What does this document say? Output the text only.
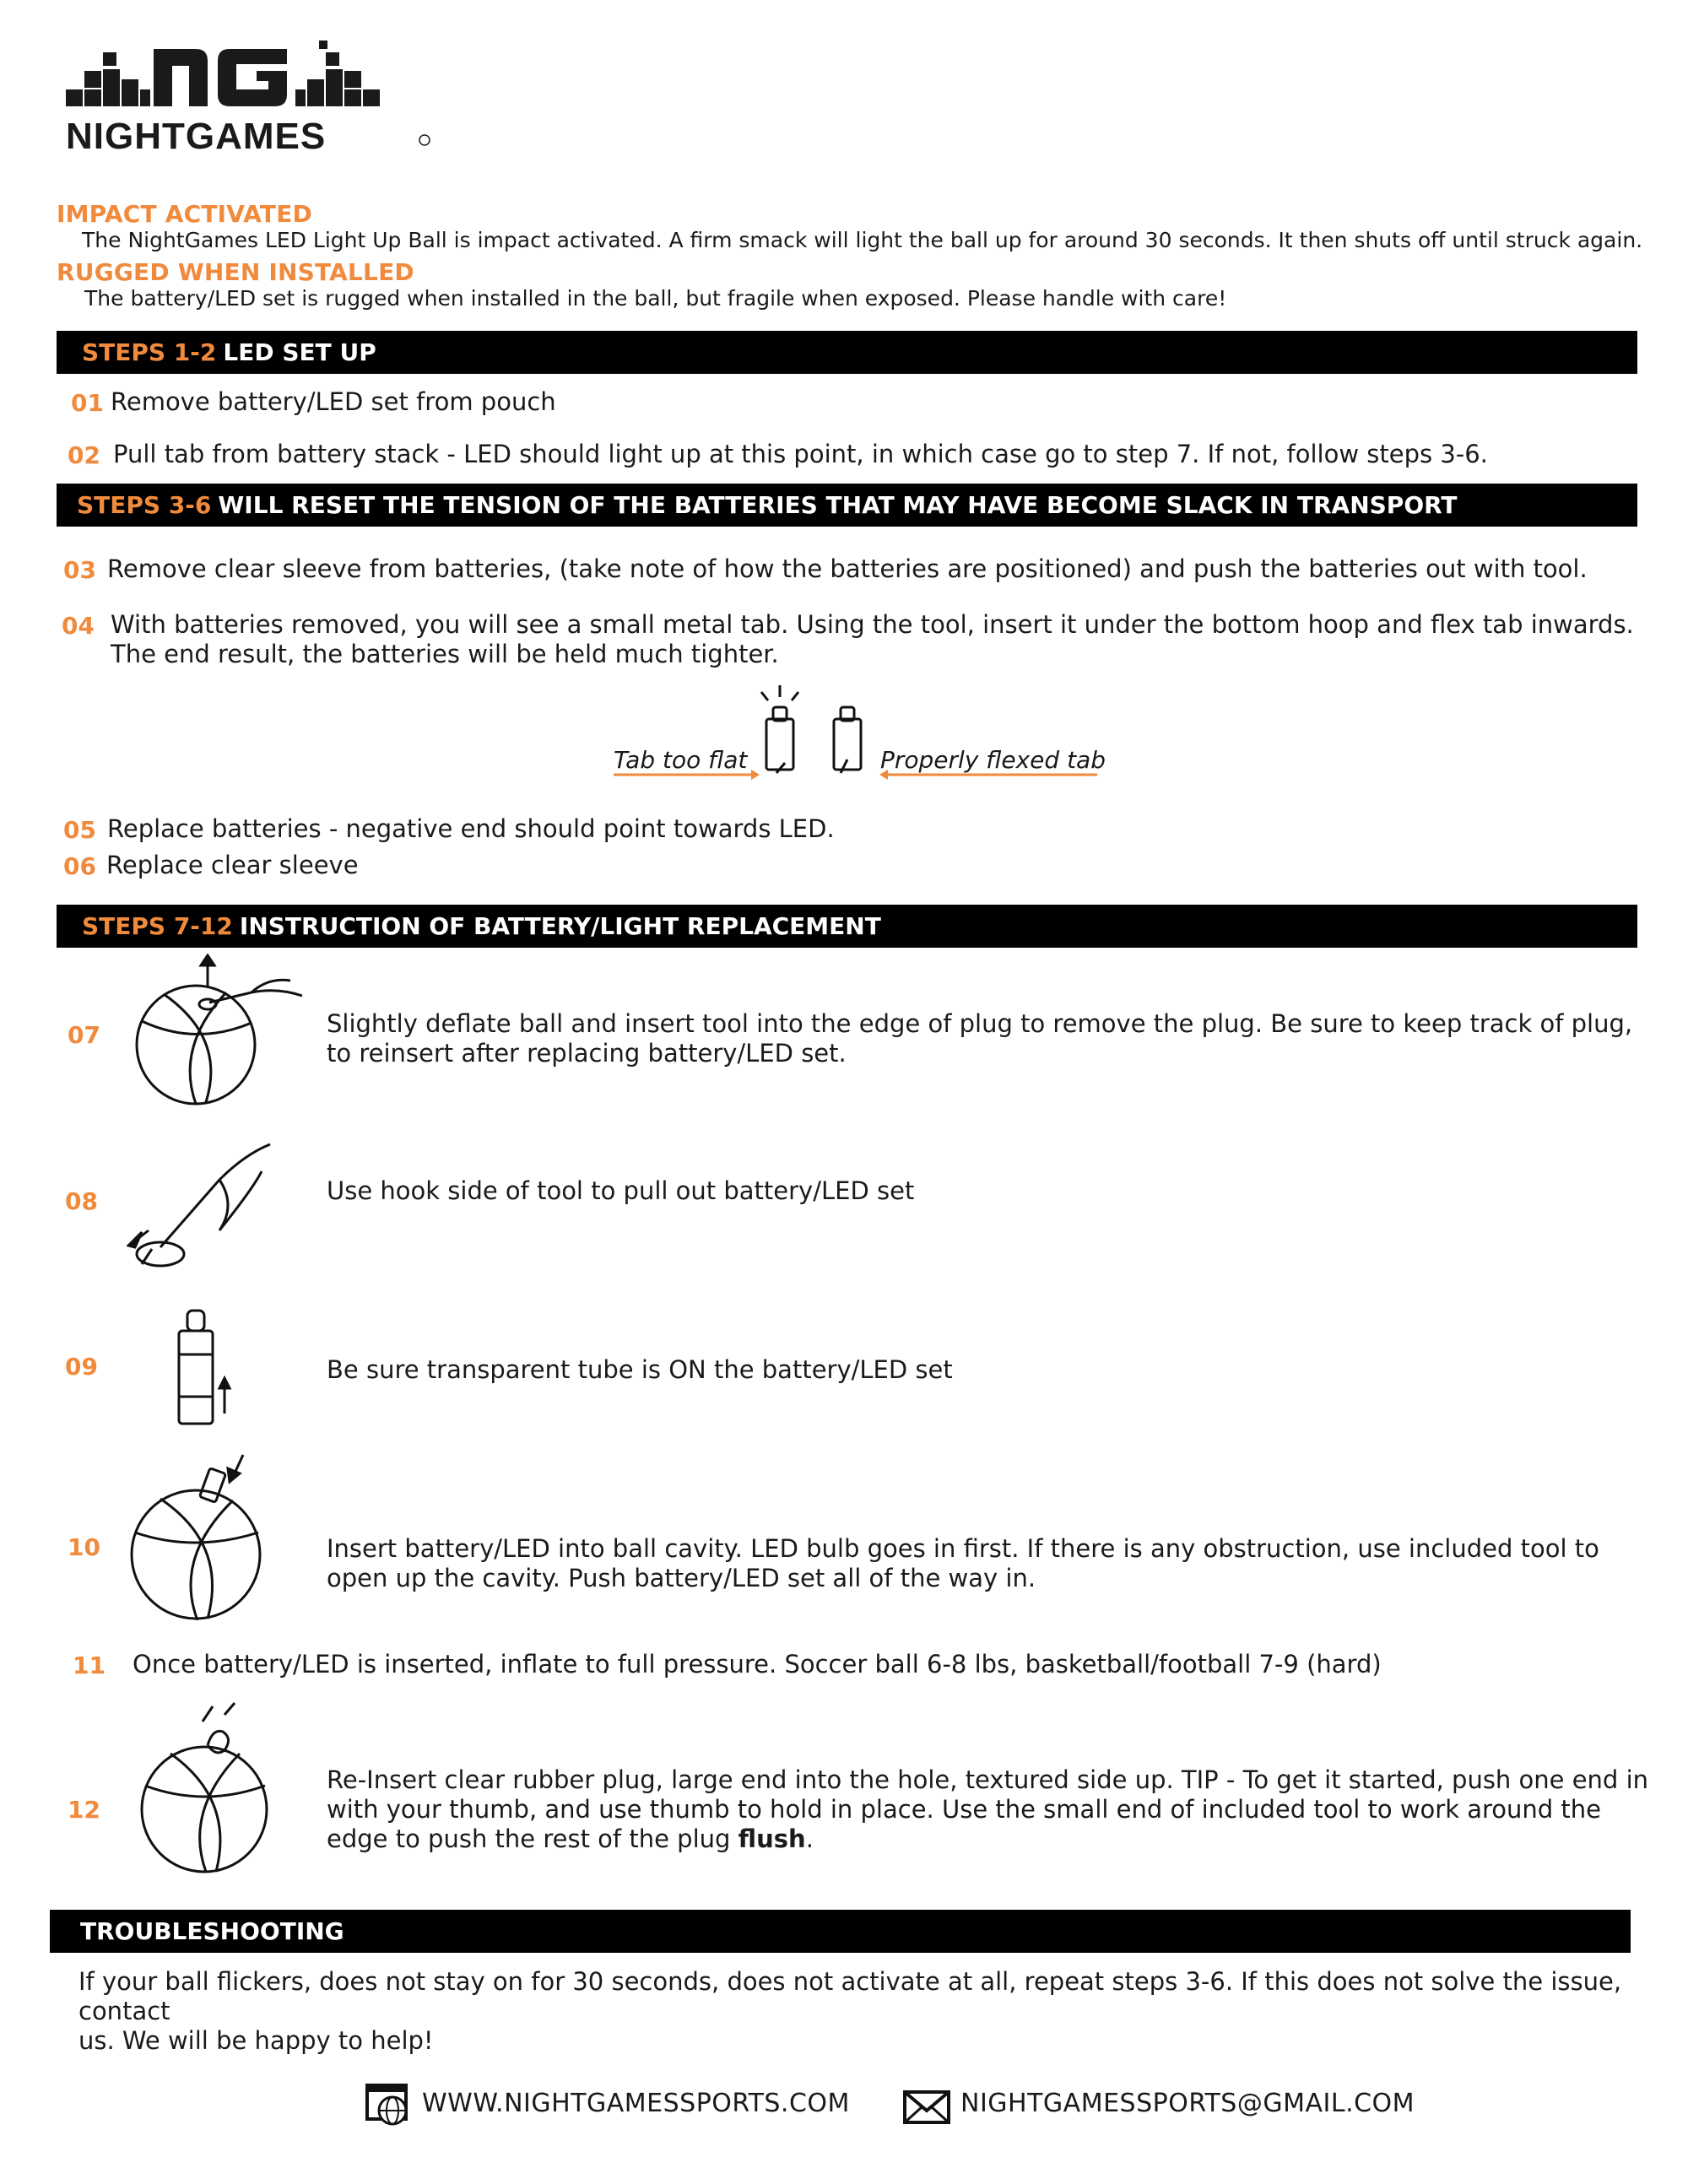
NIGHTGAMES
IMPACT ACTIVATED
The NightGames LED Light Up Ball is impact activated. A firm smack will light the ball up for around 30 seconds. It then shuts off until struck again.
RUGGED WHEN INSTALLED
The battery/LED set is rugged when installed in the ball, but fragile when exposed. Please handle with care!
STEPS 1-2 LED SET UP
01 Remove battery/LED set from pouch
02 Pull tab from battery stack - LED should light up at this point, in which case go to step 7. If not, follow steps 3-6.
STEPS 3-6 WILL RESET THE TENSION OF THE BATTERIES THAT MAY HAVE BECOME SLACK IN TRANSPORT
03 Remove clear sleeve from batteries, (take note of how the batteries are positioned) and push the batteries out with tool.
04 With batteries removed, you will see a small metal tab. Using the tool, insert it under the bottom hoop and flex tab inwards.
The end result, the batteries will be held much tighter.
Tab too flat	Properly flexed tab
05 Replace batteries - negative end should point towards LED.
06 Replace clear sleeve
STEPS 7-12 INSTRUCTION OF BATTERY/LIGHT REPLACEMENT
07	Slightly deflate ball and insert tool into the edge of plug to remove the plug. Be sure to keep track of plug,
to reinsert after replacing battery/LED set.
08	Use hook side of tool to pull out battery/LED set
09	Be sure transparent tube is ON the battery/LED set
10	Insert battery/LED into ball cavity. LED bulb goes in first. If there is any obstruction, use included tool to
open up the cavity. Push battery/LED set all of the way in.
11 Once battery/LED is inserted, inflate to full pressure. Soccer ball 6-8 lbs, basketball/football 7-9 (hard)
12
Re-Insert clear rubber plug, large end into the hole, textured side up. TIP - To get it started, push one end in
with your thumb, and use thumb to hold in place. Use the small end of included tool to work around the
edge to push the rest of the plug flush.
TROUBLESHOOTING
If your ball flickers, does not stay on for 30 seconds, does not activate at all, repeat steps 3-6. If this does not solve the issue, contact
us. We will be happy to help!
WWW.NIGHTGAMESSPORTS.COM	NIGHTGAMESSPORTS@GMAIL.COM
